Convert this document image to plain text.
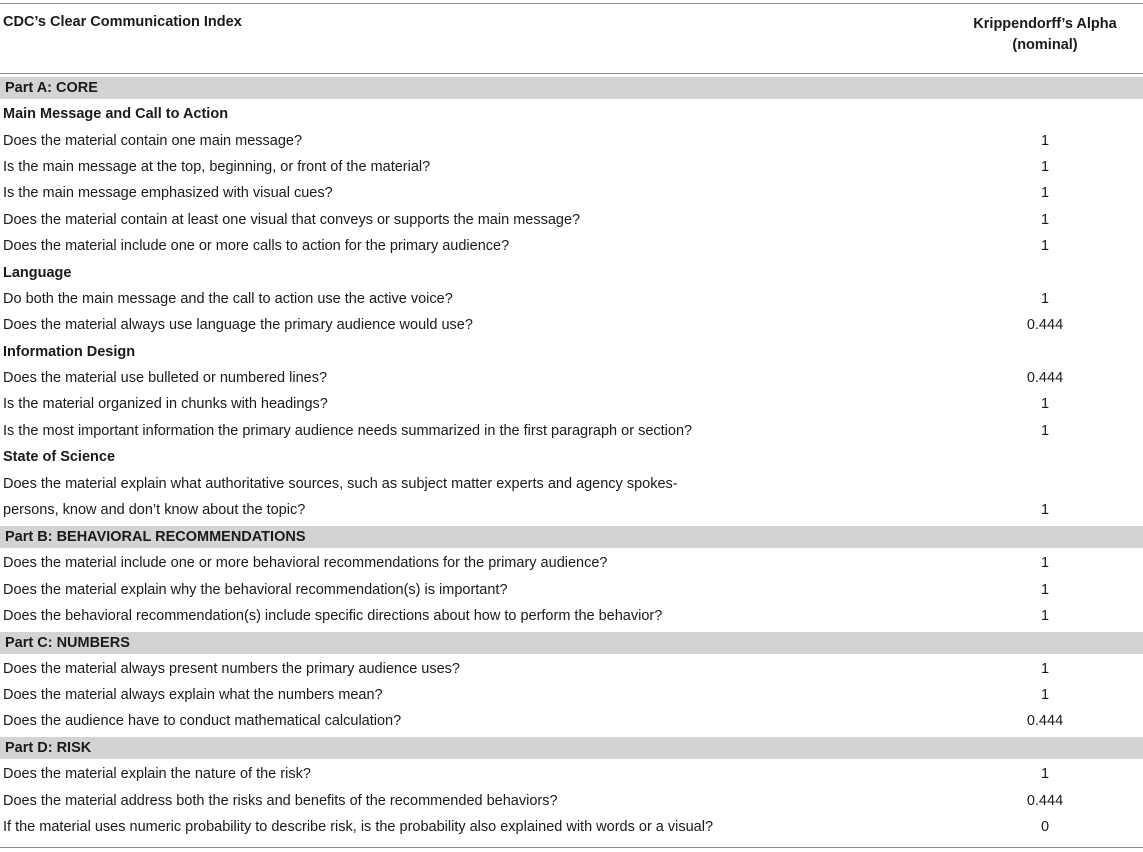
CDC’s Clear Communication Index	Krippendorff’s Alpha
(nominal)
Part A: CORE
Main Message and Call to Action
Does the material contain one main message?	1
Is the main message at the top, beginning, or front of the material?	1
Is the main message emphasized with visual cues?	1
Does the material contain at least one visual that conveys or supports the main message?	1
Does the material include one or more calls to action for the primary audience?	1
Language
Do both the main message and the call to action use the active voice?	1
Does the material always use language the primary audience would use?	0.444
Information Design
Does the material use bulleted or numbered lines?	0.444
Is the material organized in chunks with headings?	1
Is the most important information the primary audience needs summarized in the first paragraph or section?	1
State of Science
Does the material explain what authoritative sources, such as subject matter experts and agency spokes-
persons, know and don’t know about the topic?	1
Part B: BEHAVIORAL RECOMMENDATIONS
Does the material include one or more behavioral recommendations for the primary audience?	1
Does the material explain why the behavioral recommendation(s) is important?	1
Does the behavioral recommendation(s) include specific directions about how to perform the behavior?	1
Part C: NUMBERS
Does the material always present numbers the primary audience uses?	1
Does the material always explain what the numbers mean?	1
Does the audience have to conduct mathematical calculation?	0.444
Part D: RISK
Does the material explain the nature of the risk?	1
Does the material address both the risks and benefits of the recommended behaviors?	0.444
If the material uses numeric probability to describe risk, is the probability also explained with words or a visual?	0
